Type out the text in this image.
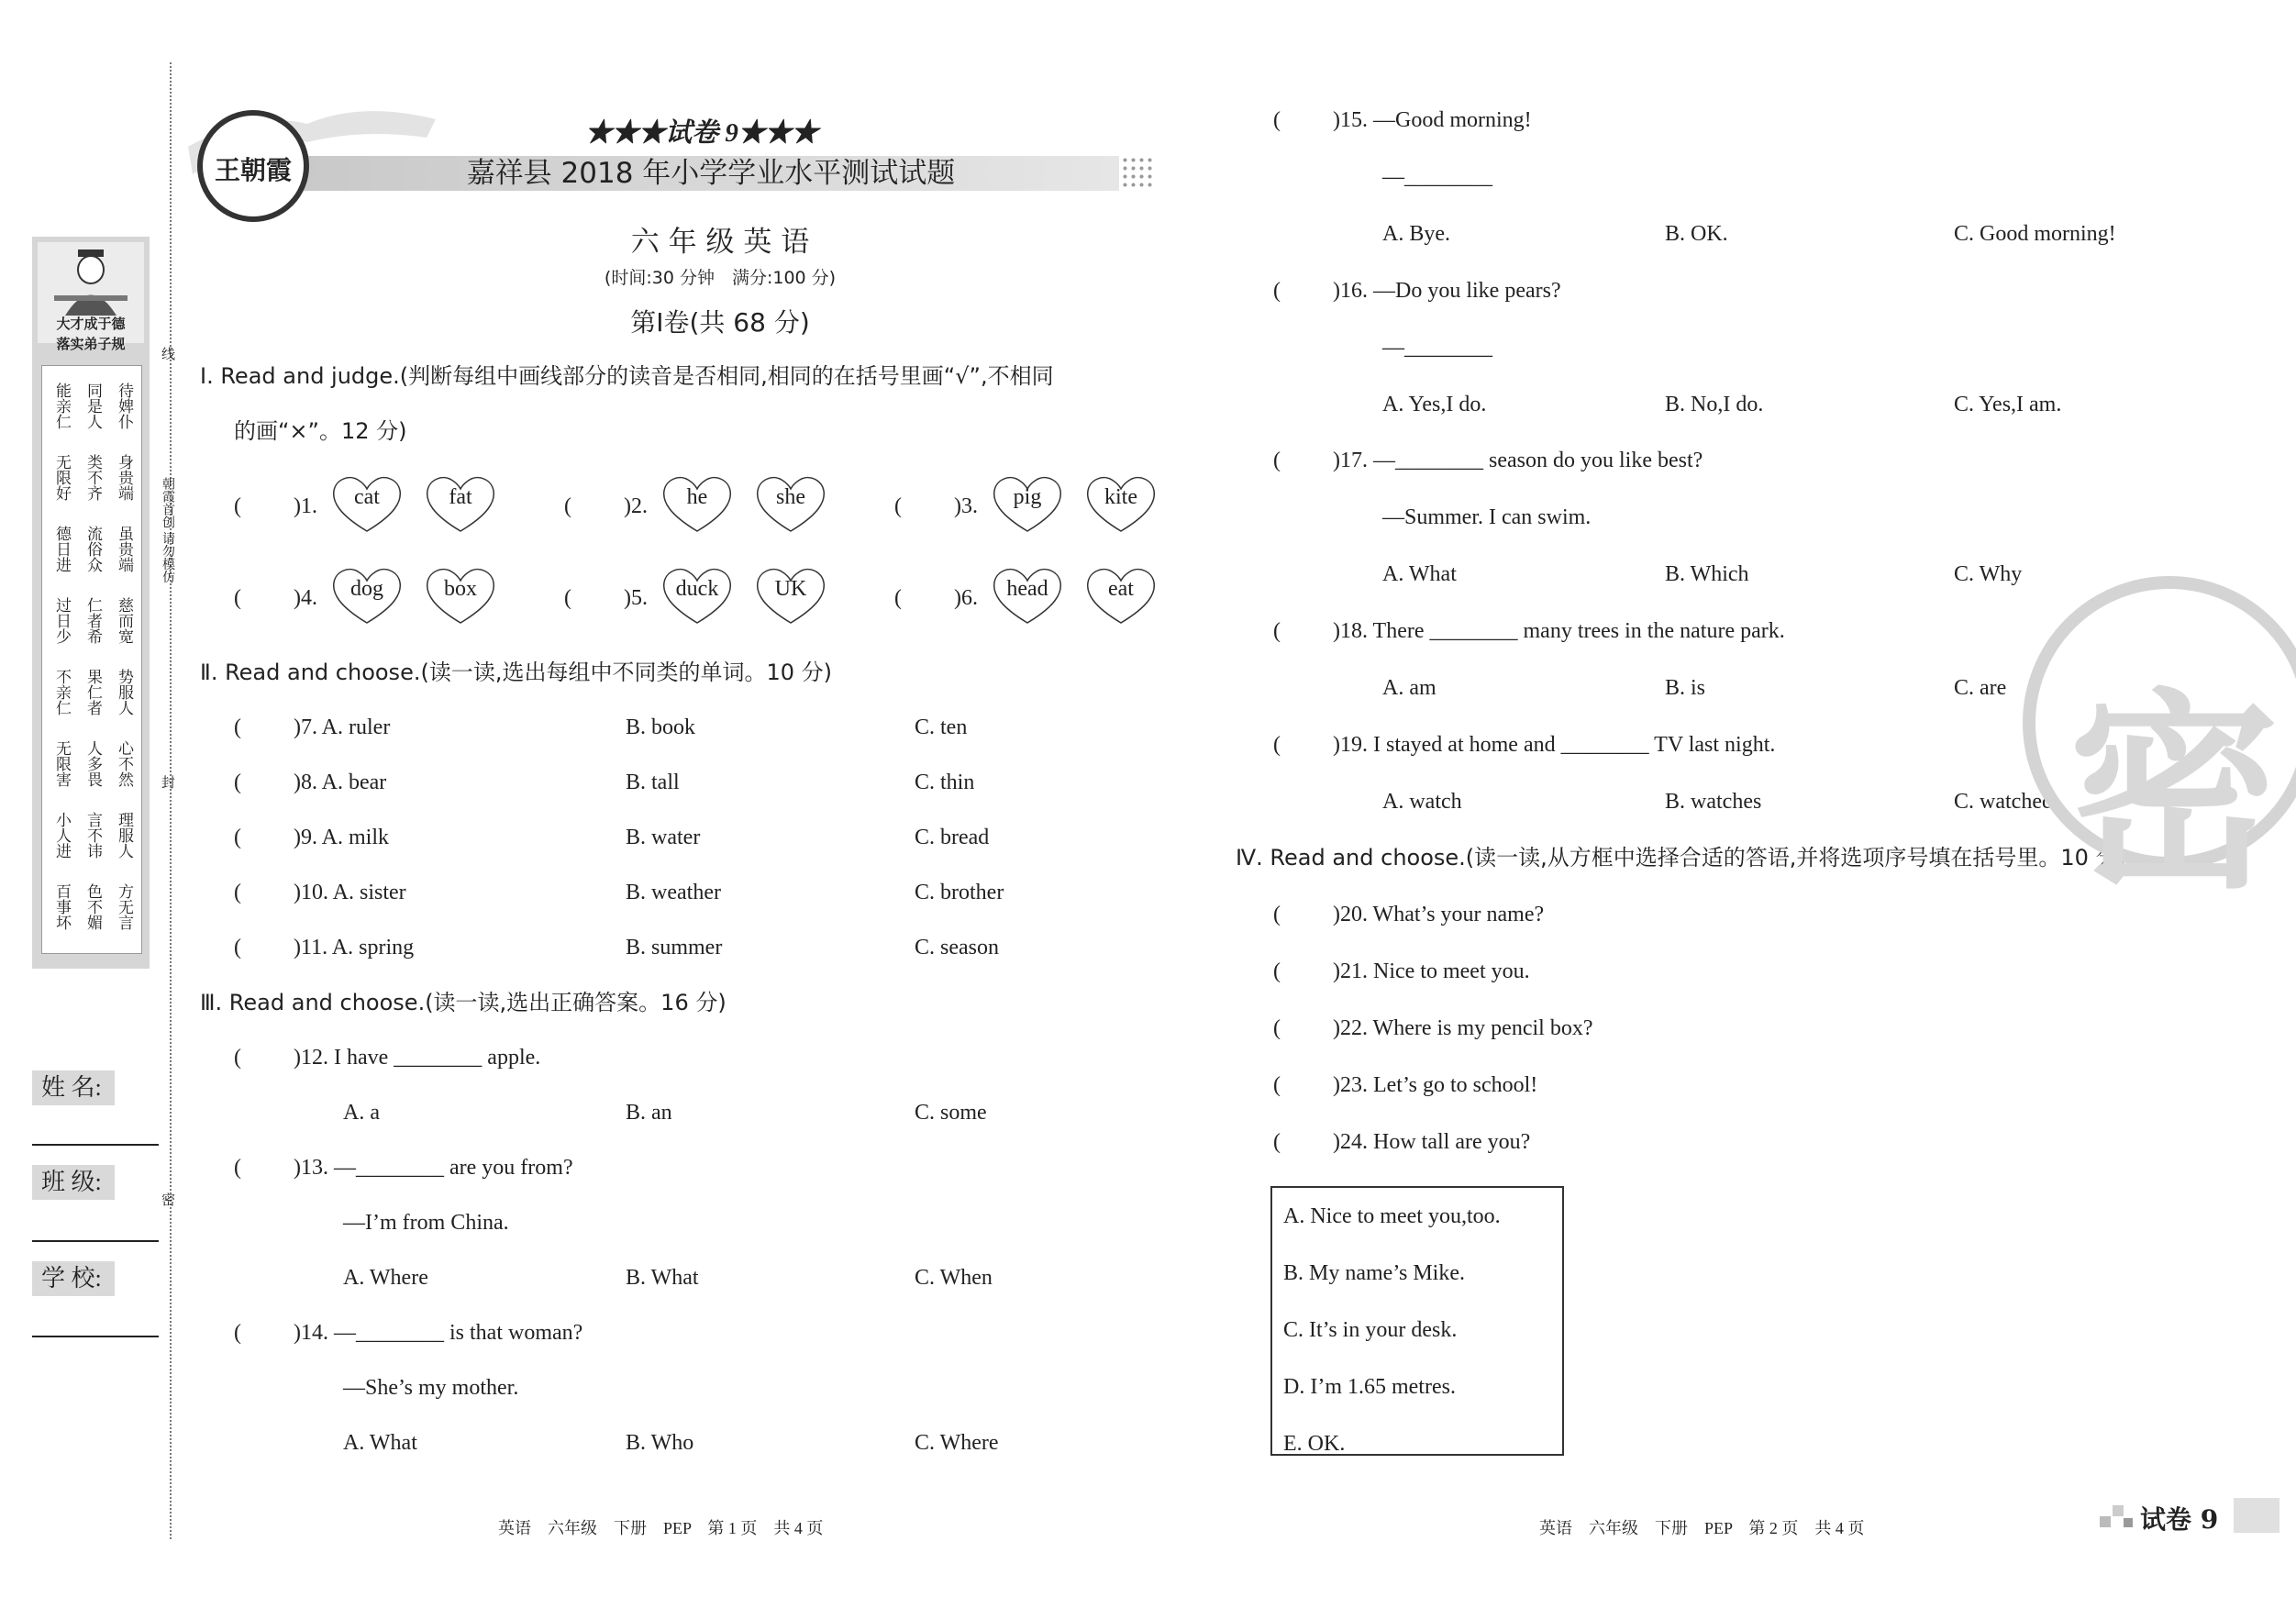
大才成于德
落实弟子规
能亲仁
无限好
德日进
过日少
不亲仁
无限害
小人进
百事坏
同是人
类不齐
流俗众
仁者希
果仁者
人多畏
言不讳
色不媚
待婢仆
身贵端
虽贵端
慈而宽
势服人
心不然
理服人
方无言
线
朝霞首创 请勿模仿
封
密
姓 名:
班 级:
学 校:
王朝霞
★★★试卷 9★★★
嘉祥县 2018 年小学学业水平测试试题
六 年 级 英 语
(时间:30 分钟　满分:100 分)
第Ⅰ卷(共 68 分)
Ⅰ. Read and judge.(判断每组中画线部分的读音是否相同,相同的在括号里画“√”,不相同
的画“×”。12 分)
( )1.	cat	fat	( )2.	he	she	( )3.	pig	kite
( )4.	dog	box	( )5.	duck	UK	( )6.	head	eat
Ⅱ. Read and choose.(读一读,选出每组中不同类的单词。10 分)
( )7. A. ruler	B. book	C. ten
( )8. A. bear	B. tall	C. thin
( )9. A. milk	B. water	C. bread
( )10. A. sister	B. weather	C. brother
( )11. A. spring	B. summer	C. season
Ⅲ. Read and choose.(读一读,选出正确答案。16 分)
( )12. I have ________ apple.
A. a	B. an	C. some
( )13. —________ are you from?
—I’m from China.
A. Where	B. What	C. When
( )14. —________ is that woman?
—She’s my mother.
A. What	B. Who	C. Where
( )15. —Good morning!
—________
A. Bye.	B. OK.	C. Good morning!
( )16. —Do you like pears?
—________
A. Yes,I do.	B. No,I do.	C. Yes,I am.
( )17. —________ season do you like best?
—Summer. I can swim.
A. What	B. Which	C. Why
( )18. There ________ many trees in the nature park.
A. am	B. is	C. are
( )19. I stayed at home and ________ TV last night.
A. watch	B. watches	C. watched
Ⅳ. Read and choose.(读一读,从方框中选择合适的答语,并将选项序号填在括号里。10 分)
( )20. What’s your name?
( )21. Nice to meet you.
( )22. Where is my pencil box?
( )23. Let’s go to school!
( )24. How tall are you?
A. Nice to meet you,too.
B. My name’s Mike.
C. It’s in your desk.
D. I’m 1.65 metres.
E. OK.
密
英语　六年级　下册　PEP　第 1 页　共 4 页	英语　六年级　下册　PEP　第 2 页　共 4 页	试卷 9
